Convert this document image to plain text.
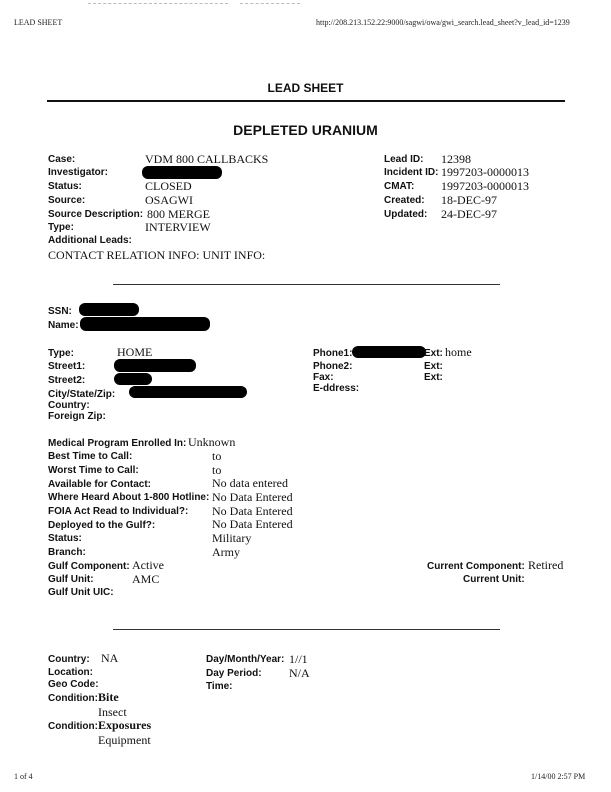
LEAD SHEET	http://208.213.152.22:9000/sagwi/owa/gwi_search.lead_sheet?v_lead_id=1239
LEAD SHEET
DEPLETED URANIUM
Case:	VDM 800 CALLBACKS
Investigator:
Status:	CLOSED
Source:	OSAGWI
Source Description: 800 MERGE
Type:	INTERVIEW
Additional Leads:
CONTACT RELATION INFO: UNIT INFO:
Lead ID: 12398
Incident ID: 1997203-0000013
CMAT: 1997203-0000013
Created: 18-DEC-97
Updated: 24-DEC-97
SSN:
Name:
Type:	HOME
Street1:
Street2:
City/State/Zip:
Country:
Foreign Zip:
Phone1:	Ext: home
Phone2:	Ext:
Fax:	Ext:
E-ddress:
Medical Program Enrolled In: Unknown
Best Time to Call:	to
Worst Time to Call:	to
Available for Contact:	No data entered
Where Heard About 1-800 Hotline: No Data Entered
FOIA Act Read to Individual?: No Data Entered
Deployed to the Gulf?:	No Data Entered
Status:	Military
Branch:	Army
Gulf Component: Active
Gulf Unit:	AMC
Gulf Unit UIC:
Current Component: Retired
Current Unit:
Country: NA
Location:
Geo Code:
Day/Month/Year: 1//1
Day Period: N/A
Time:
Condition: Bite
Insect
Condition: Exposures
Equipment
1 of 4	1/14/00 2:57 PM
